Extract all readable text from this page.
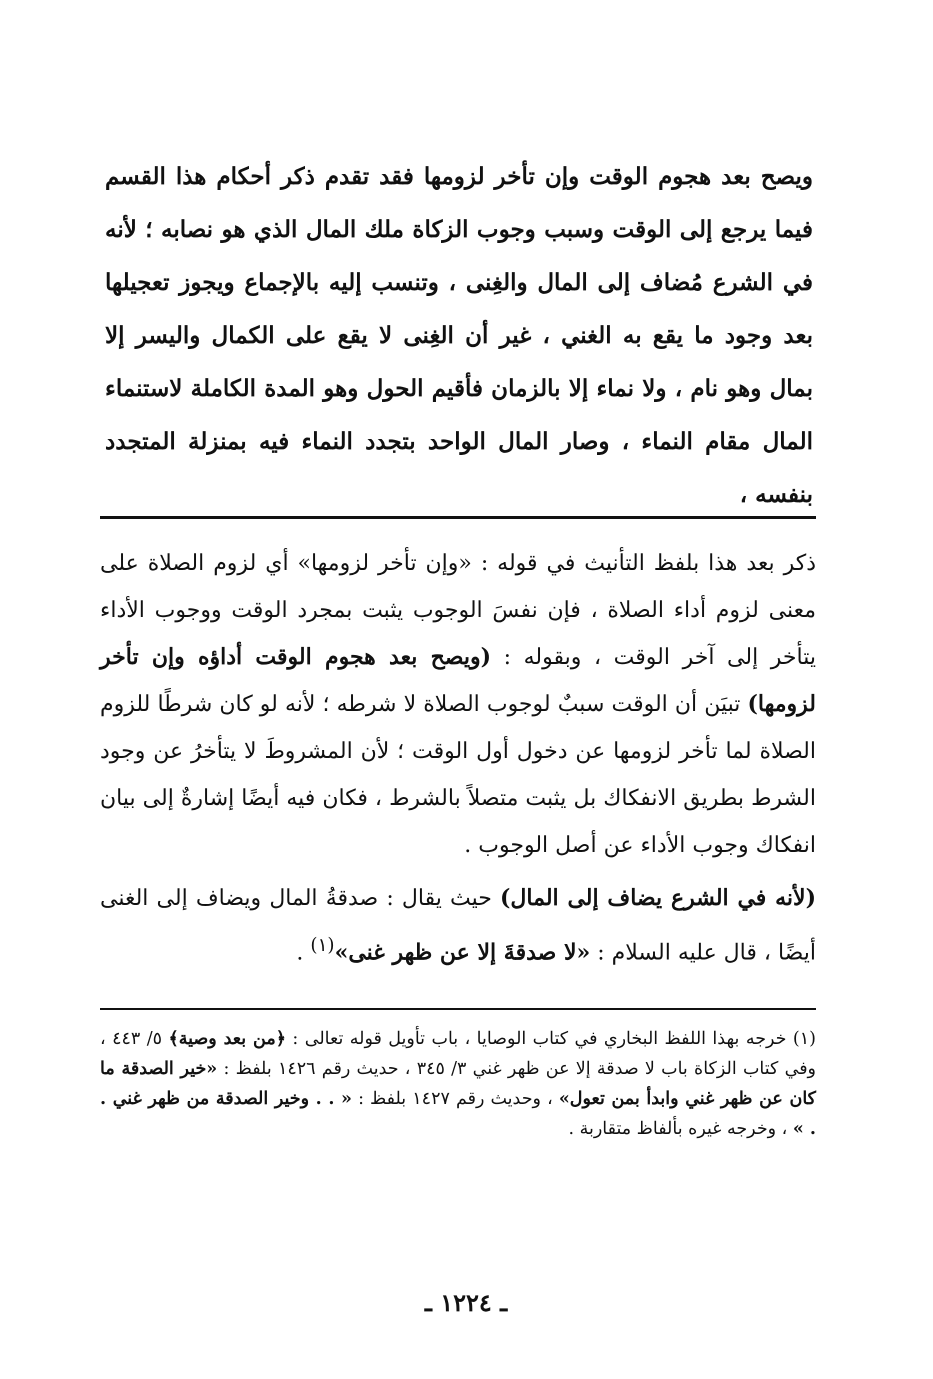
ويصح بعد هجوم الوقت وإن تأخر لزومها فقد تقدم ذكر أحكام هذا القسم فيما يرجع إلى الوقت وسبب وجوب الزكاة ملك المال الذي هو نصابه ؛ لأنه في الشرع مُضاف إلى المال والغِنى ، وتنسب إليه بالإجماع ويجوز تعجيلها بعد وجود ما يقع به الغني ، غير أن الغِنى لا يقع على الكمال واليسر إلا بمال وهو نام ، ولا نماء إلا بالزمان فأقيم الحول وهو المدة الكاملة لاستنماء المال مقام النماء ، وصار المال الواحد بتجدد النماء فيه بمنزلة المتجدد بنفسه ،

ذكر بعد هذا بلفظ التأنيث في قوله : «وإن تأخر لزومها» أي لزوم الصلاة على معنى لزوم أداء الصلاة ، فإن نفسَ الوجوب يثبت بمجرد الوقت ووجوب الأداء يتأخر إلى آخر الوقت ، وبقوله : (ويصح بعد هجوم الوقت أداؤه وإن تأخر لزومها) تبيَن أن الوقت سببٌ لوجوب الصلاة لا شرطه ؛ لأنه لو كان شرطًا للزوم الصلاة لما تأخر لزومها عن دخول أول الوقت ؛ لأن المشروطَ لا يتأخرُ عن وجود الشرط بطريق الانفكاك بل يثبت متصلاً بالشرط ، فكان فيه أيضًا إشارةٌ إلى بيان انفكاك وجوب الأداء عن أصل الوجوب .

(لأنه في الشرع يضاف إلى المال) حيث يقال : صدقةُ المال ويضاف إلى الغنى أيضًا ، قال عليه السلام : «لا صدقةَ إلا عن ظهر غنى»$^{(١)}$ .

(١) خرجه بهذا اللفظ البخاري في كتاب الوصايا ، باب تأويل قوله تعالى : ﴿من بعد وصية﴾ ٥/ ٤٤٣ ، وفي كتاب الزكاة باب لا صدقة إلا عن ظهر غني ٣/ ٣٤٥ ، حديث رقم ١٤٢٦ بلفظ : «خير الصدقة ما كان عن ظهر غني وابدأ بمن تعول» ، وحديث رقم ١٤٢٧ بلفظ : « . . وخير الصدقة من ظهر غني . . » ، وخرجه غيره بألفاظ متقاربة .

ـ ١٢٢٤ ـ
